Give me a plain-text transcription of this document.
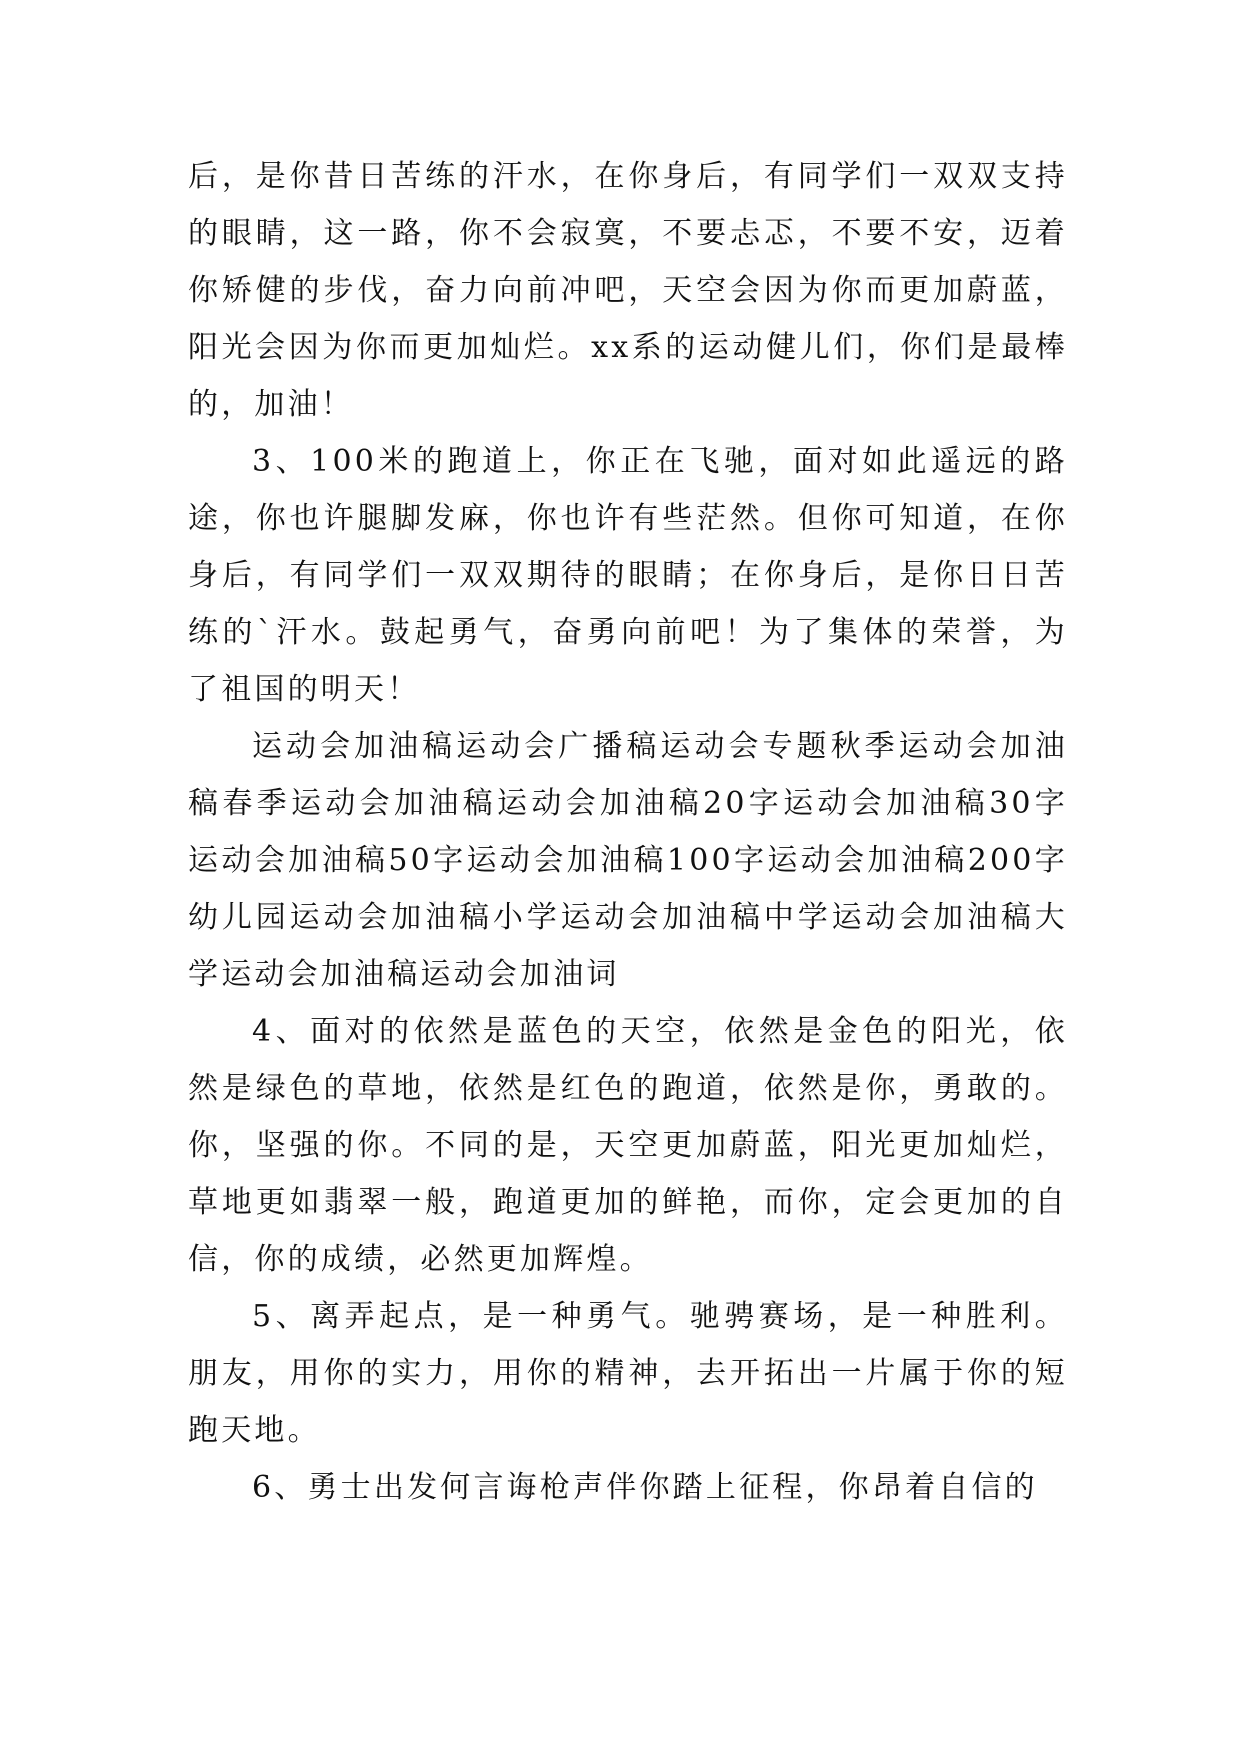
后，是你昔日苦练的汗水，在你身后，有同学们一双双支持的眼睛，这一路，你不会寂寞，不要忐忑，不要不安，迈着你矫健的步伐，奋力向前冲吧，天空会因为你而更加蔚蓝，阳光会因为你而更加灿烂。xx系的运动健儿们，你们是最棒的，加油！

3、100米的跑道上，你正在飞驰，面对如此遥远的路途，你也许腿脚发麻，你也许有些茫然。但你可知道，在你身后，有同学们一双双期待的眼睛；在你身后，是你日日苦练的`汗水。鼓起勇气，奋勇向前吧！为了集体的荣誉，为了祖国的明天！

运动会加油稿运动会广播稿运动会专题秋季运动会加油稿春季运动会加油稿运动会加油稿20字运动会加油稿30字运动会加油稿50字运动会加油稿100字运动会加油稿200字幼儿园运动会加油稿小学运动会加油稿中学运动会加油稿大学运动会加油稿运动会加油词

4、面对的依然是蓝色的天空，依然是金色的阳光，依然是绿色的草地，依然是红色的跑道，依然是你，勇敢的。你，坚强的你。不同的是，天空更加蔚蓝，阳光更加灿烂，草地更如翡翠一般，跑道更加的鲜艳，而你，定会更加的自信，你的成绩，必然更加辉煌。

5、离弄起点，是一种勇气。驰骋赛场，是一种胜利。朋友，用你的实力，用你的精神，去开拓出一片属于你的短跑天地。

6、勇士出发何言诲枪声伴你踏上征程，你昂着自信的
